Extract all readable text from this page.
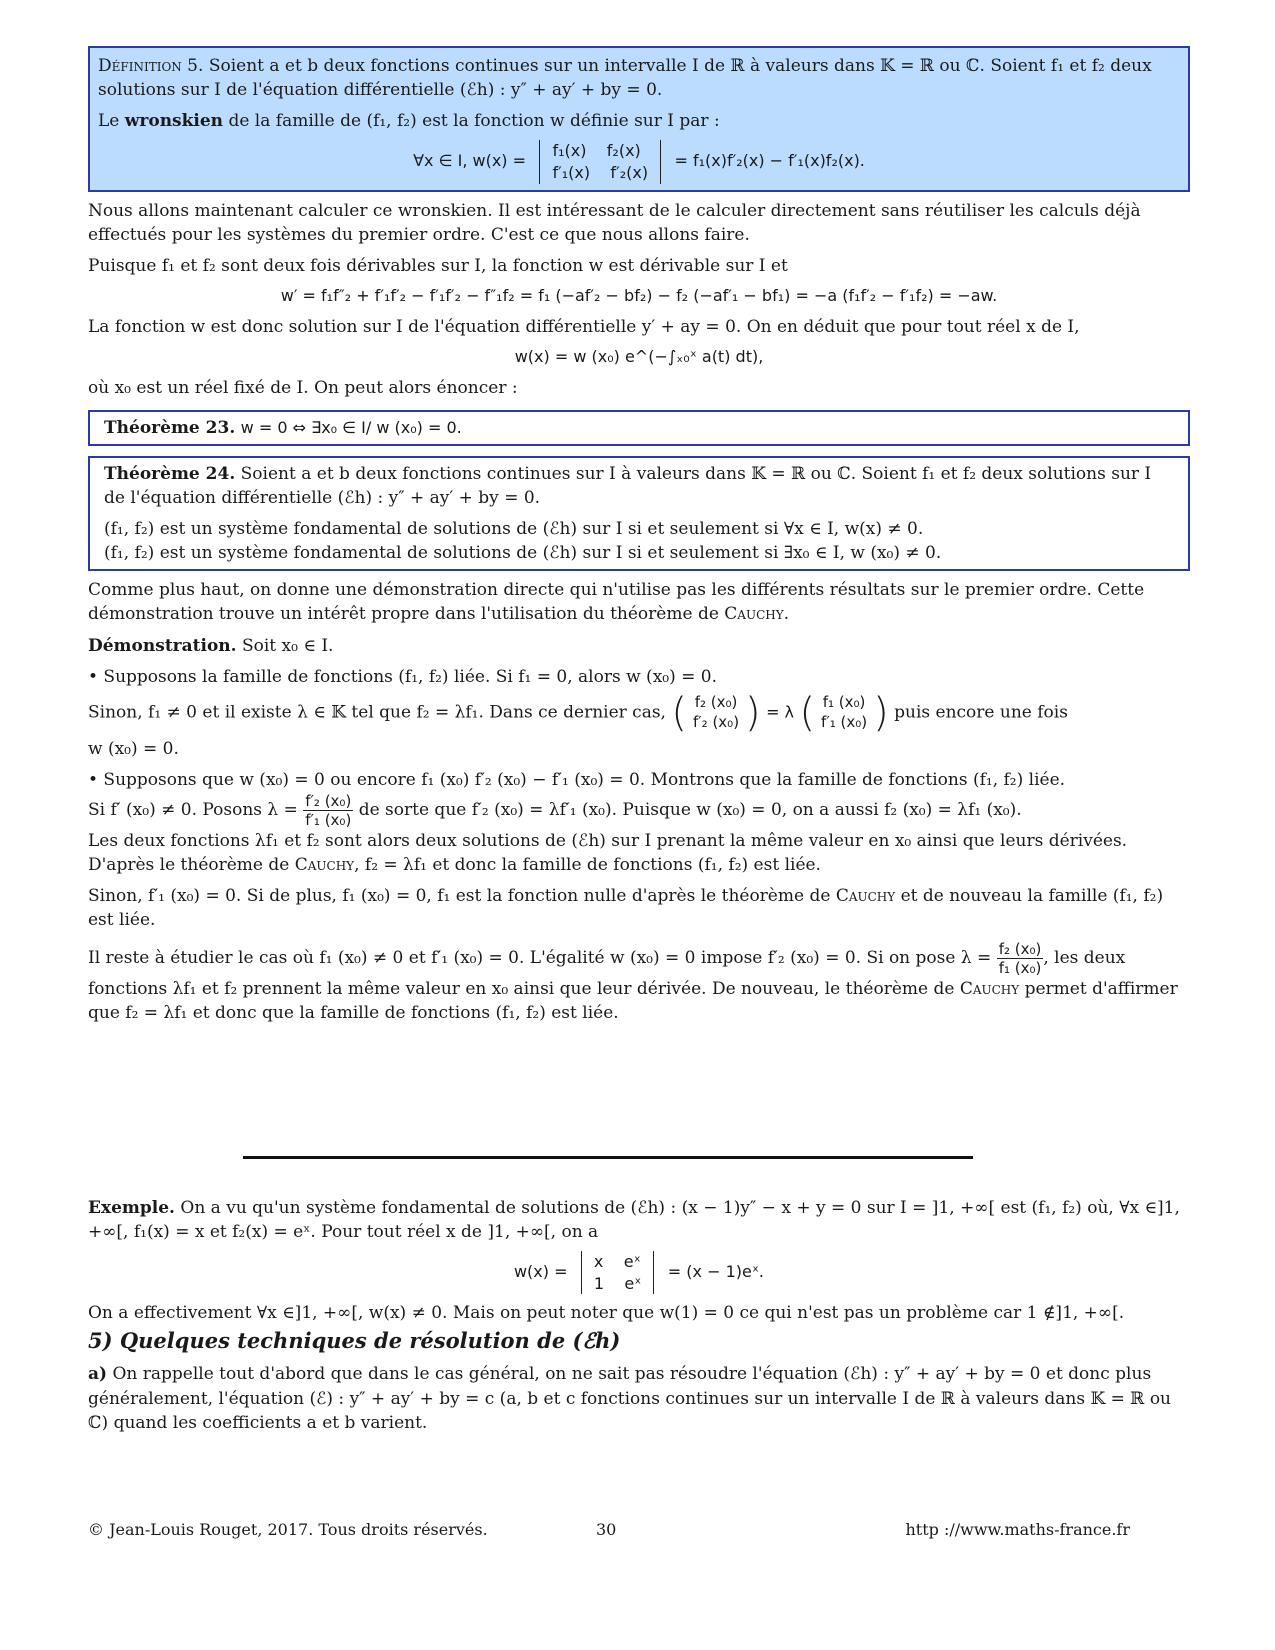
Définition 5. Soient a et b deux fonctions continues sur un intervalle I de ℝ à valeurs dans 𝕂 = ℝ ou ℂ. Soient f₁ et f₂ deux solutions sur I de l'équation différentielle (ℰh) : y″ + ay′ + by = 0.

Le wronskien de la famille de (f₁, f₂) est la fonction w définie sur I par :

∀x ∈ I, w(x) = f₁(x)    f₂(x)
f′₁(x)    f′₂(x) = f₁(x)f′₂(x) − f′₁(x)f₂(x).

Nous allons maintenant calculer ce wronskien. Il est intéressant de le calculer directement sans réutiliser les calculs déjà effectués pour les systèmes du premier ordre. C'est ce que nous allons faire.

Puisque f₁ et f₂ sont deux fois dérivables sur I, la fonction w est dérivable sur I et

w′ = f₁f″₂ + f′₁f′₂ − f′₁f′₂ − f″₁f₂ = f₁ (−af′₂ − bf₂) − f₂ (−af′₁ − bf₁) = −a (f₁f′₂ − f′₁f₂) = −aw.

La fonction w est donc solution sur I de l'équation différentielle y′ + ay = 0. On en déduit que pour tout réel x de I,

w(x) = w (x₀) e^(−∫ₓ₀ˣ a(t) dt),

où x₀ est un réel fixé de I. On peut alors énoncer :

Théorème 23. w = 0 ⇔ ∃x₀ ∈ I/ w (x₀) = 0.

Théorème 24. Soient a et b deux fonctions continues sur I à valeurs dans 𝕂 = ℝ ou ℂ. Soient f₁ et f₂ deux solutions sur I de l'équation différentielle (ℰh) : y″ + ay′ + by = 0.

(f₁, f₂) est un système fondamental de solutions de (ℰh) sur I si et seulement si ∀x ∈ I, w(x) ≠ 0.

(f₁, f₂) est un système fondamental de solutions de (ℰh) sur I si et seulement si ∃x₀ ∈ I, w (x₀) ≠ 0.

Comme plus haut, on donne une démonstration directe qui n'utilise pas les différents résultats sur le premier ordre. Cette démonstration trouve un intérêt propre dans l'utilisation du théorème de Cauchy.

Démonstration. Soit x₀ ∈ I.

• Supposons la famille de fonctions (f₁, f₂) liée. Si f₁ = 0, alors w (x₀) = 0.

Sinon, f₁ ≠ 0 et il existe λ ∈ 𝕂 tel que f₂ = λf₁. Dans ce dernier cas, ( f₂ (x₀)
f′₂ (x₀) ) = λ ( f₁ (x₀)
f′₁ (x₀) ) puis encore une fois

w (x₀) = 0.

• Supposons que w (x₀) = 0 ou encore f₁ (x₀) f′₂ (x₀) − f′₁ (x₀) = 0. Montrons que la famille de fonctions (f₁, f₂) liée.

Si f′ (x₀) ≠ 0. Posons $\lambda = \frac{\text{f′₂ (x₀)}}{\text{f′₁ (x₀)}}$ de sorte que f′₂ (x₀) = λf′₁ (x₀). Puisque w (x₀) = 0, on a aussi f₂ (x₀) = λf₁ (x₀).

Les deux fonctions λf₁ et f₂ sont alors deux solutions de (ℰh) sur I prenant la même valeur en x₀ ainsi que leurs dérivées.

D'après le théorème de Cauchy, f₂ = λf₁ et donc la famille de fonctions (f₁, f₂) est liée.

Sinon, f′₁ (x₀) = 0. Si de plus, f₁ (x₀) = 0, f₁ est la fonction nulle d'après le théorème de Cauchy et de nouveau la famille (f₁, f₂) est liée.

Il reste à étudier le cas où f₁ (x₀) ≠ 0 et f′₁ (x₀) = 0. L'égalité w (x₀) = 0 impose f′₂ (x₀) = 0. Si on pose $\lambda = \frac{\text{f₂ (x₀)}}{\text{f₁ (x₀)}}$ , les deux fonctions λf₁ et f₂ prennent la même valeur en x₀ ainsi que leur dérivée. De nouveau, le théorème de Cauchy permet d'affirmer que f₂ = λf₁ et donc que la famille de fonctions (f₁, f₂) est liée.

Exemple. On a vu qu'un système fondamental de solutions de (ℰh) : (x − 1)y″ − x + y = 0 sur I = ]1, +∞[ est (f₁, f₂) où, ∀x ∈]1, +∞[, f₁(x) = x et f₂(x) = eˣ. Pour tout réel x de ]1, +∞[, on a

w(x) = x    eˣ
1    eˣ = (x − 1)eˣ.

On a effectivement ∀x ∈]1, +∞[, w(x) ≠ 0. Mais on peut noter que w(1) = 0 ce qui n'est pas un problème car 1 ∉]1, +∞[.

5) Quelques techniques de résolution de (ℰh)

a) On rappelle tout d'abord que dans le cas général, on ne sait pas résoudre l'équation (ℰh) : y″ + ay′ + by = 0 et donc plus généralement, l'équation (ℰ) : y″ + ay′ + by = c (a, b et c fonctions continues sur un intervalle I de ℝ à valeurs dans 𝕂 = ℝ ou ℂ) quand les coefficients a et b varient.

© Jean-Louis Rouget, 2017. Tous droits réservés.	30	http ://www.maths-france.fr
